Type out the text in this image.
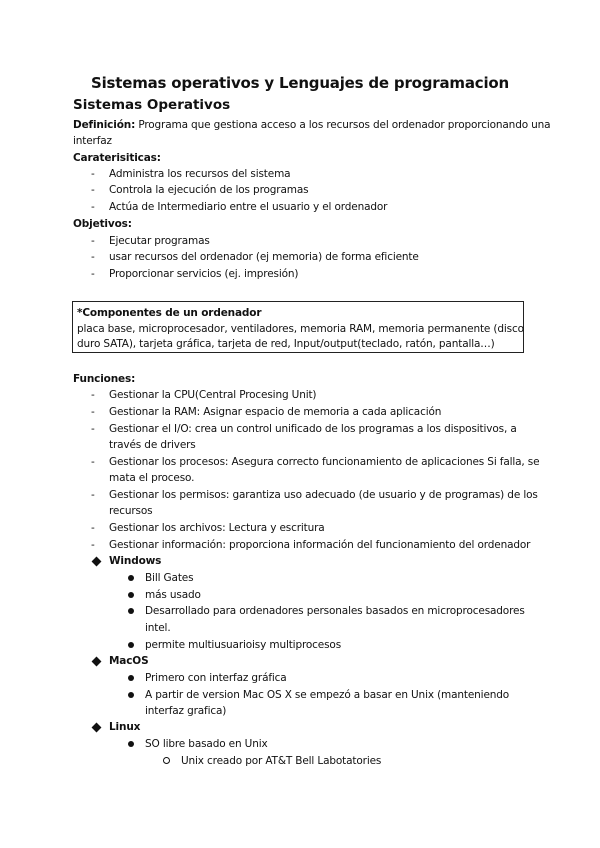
Sistemas operativos y Lenguajes de programacion
Sistemas Operativos
Definición: Programa que gestiona acceso a los recursos del ordenador proporcionando una
interfaz
Caraterisiticas:
- Administra los recursos del sistema
- Controla la ejecución de los programas
- Actúa de Intermediario entre el usuario y el ordenador
Objetivos:
- Ejecutar programas
- usar recursos del ordenador (ej memoria) de forma eficiente
- Proporcionar servicios (ej. impresión)
*Componentes de un ordenador
placa base, microprocesador, ventiladores, memoria RAM, memoria permanente (disco
duro SATA), tarjeta gráfica, tarjeta de red, Input/output(teclado, ratón, pantalla…)
Funciones:
- Gestionar la CPU(Central Procesing Unit)
- Gestionar la RAM: Asignar espacio de memoria a cada aplicación
- Gestionar el I/O: crea un control unificado de los programas a los dispositivos, a
través de drivers
- Gestionar los procesos: Asegura correcto funcionamiento de aplicaciones Si falla, se
mata el proceso.
- Gestionar los permisos: garantiza uso adecuado (de usuario y de programas) de los
recursos
- Gestionar los archivos: Lectura y escritura
- Gestionar información: proporciona información del funcionamiento del ordenador
Windows
Bill Gates
más usado
Desarrollado para ordenadores personales basados en microprocesadores
intel.
permite multiusuarioisy multiprocesos
MacOS
Primero con interfaz gráfica
A partir de version Mac OS X se empezó a basar en Unix (manteniendo
interfaz grafica)
Linux
SO libre basado en Unix
Unix creado por AT&T Bell Labotatories
